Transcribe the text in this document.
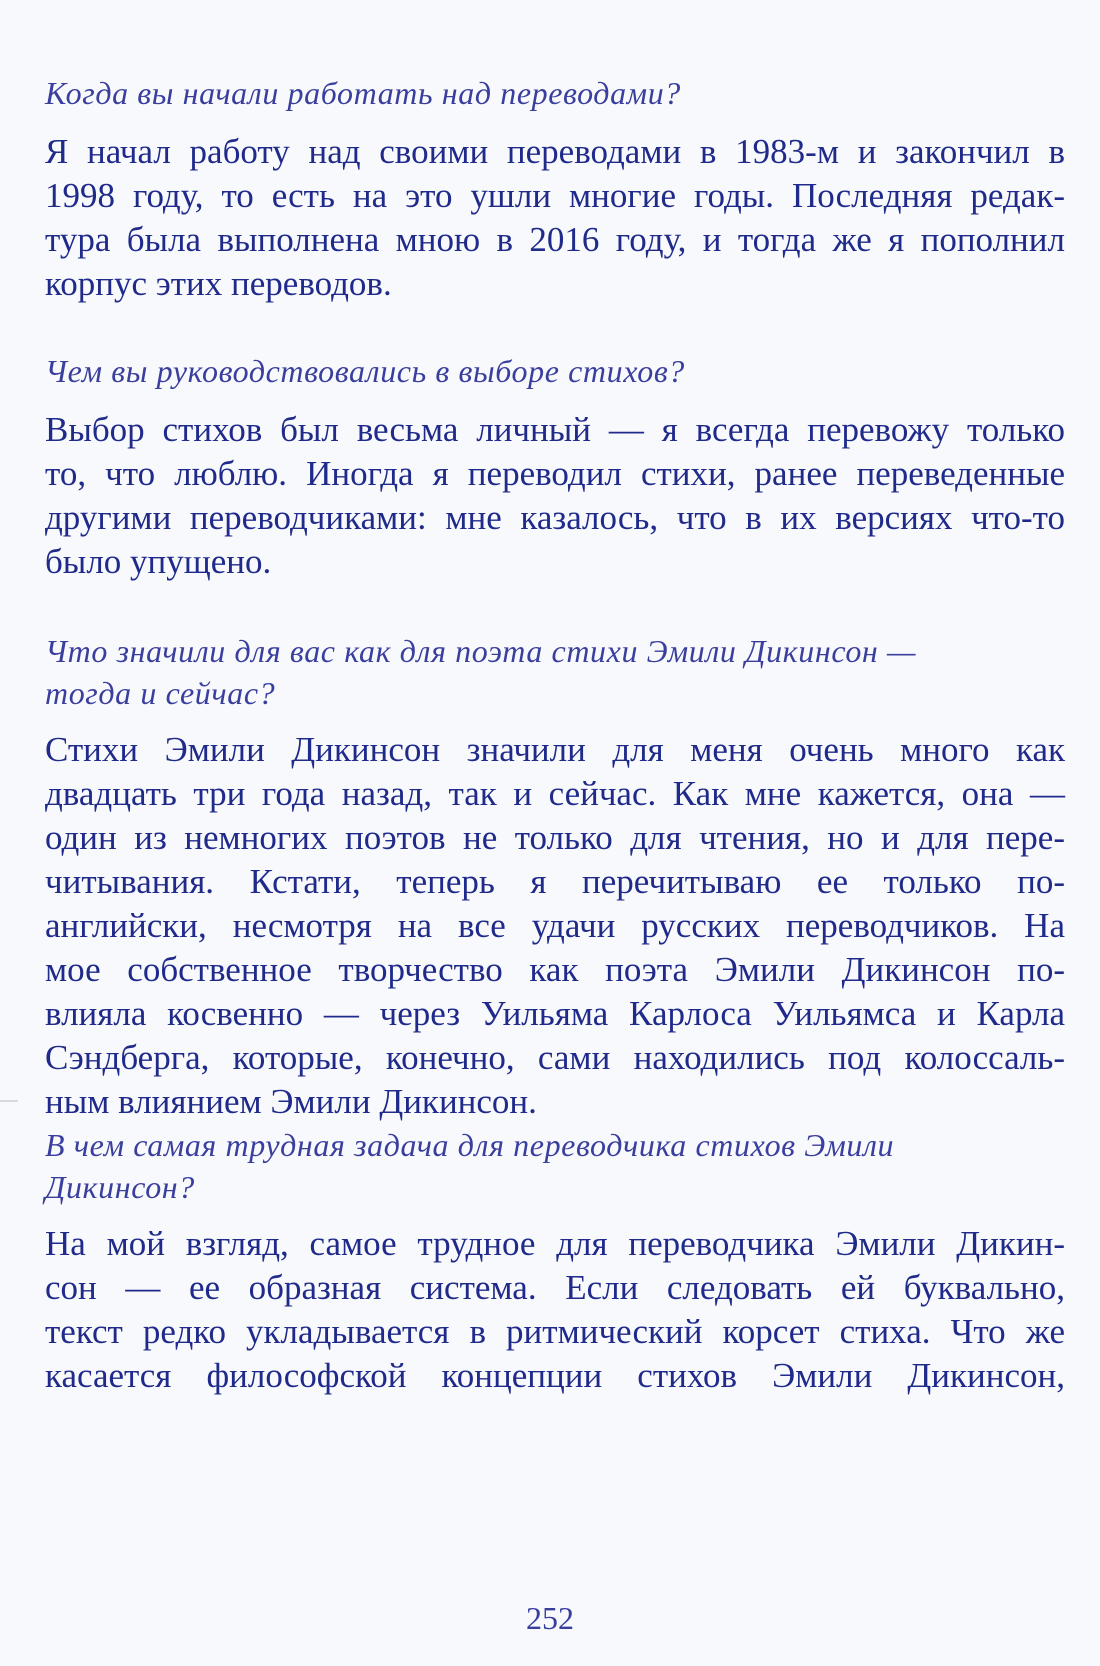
Когда вы начали работать над переводами?

Я начал работу над своими переводами в 1983-м и закончил в
1998 году, то есть на это ушли многие годы. Последняя редак-
тура была выполнена мною в 2016 году, и тогда же я пополнил
корпус этих переводов.

Чем вы руководствовались в выборе стихов?

Выбор стихов был весьма личный — я всегда перевожу только
то, что люблю. Иногда я переводил стихи, ранее переведенные
другими переводчиками: мне казалось, что в их версиях что-то
было упущено.

Что значили для вас как для поэта стихи Эмили Дикинсон —
тогда и сейчас?

Стихи Эмили Дикинсон значили для меня очень много как
двадцать три года назад, так и сейчас. Как мне кажется, она —
один из немногих поэтов не только для чтения, но и для пере-
читывания. Кстати, теперь я перечитываю ее только по-
английски, несмотря на все удачи русских переводчиков. На
мое собственное творчество как поэта Эмили Дикинсон по-
влияла косвенно — через Уильяма Карлоса Уильямса и Карла
Сэндберга, которые, конечно, сами находились под колоссаль-
ным влиянием Эмили Дикинсон.

В чем самая трудная задача для переводчика стихов Эмили
Дикинсон?

На мой взгляд, самое трудное для переводчика Эмили Дикин-
сон — ее образная система. Если следовать ей буквально,
текст редко укладывается в ритмический корсет стиха. Что же
касается философской концепции стихов Эмили Дикинсон,

252
